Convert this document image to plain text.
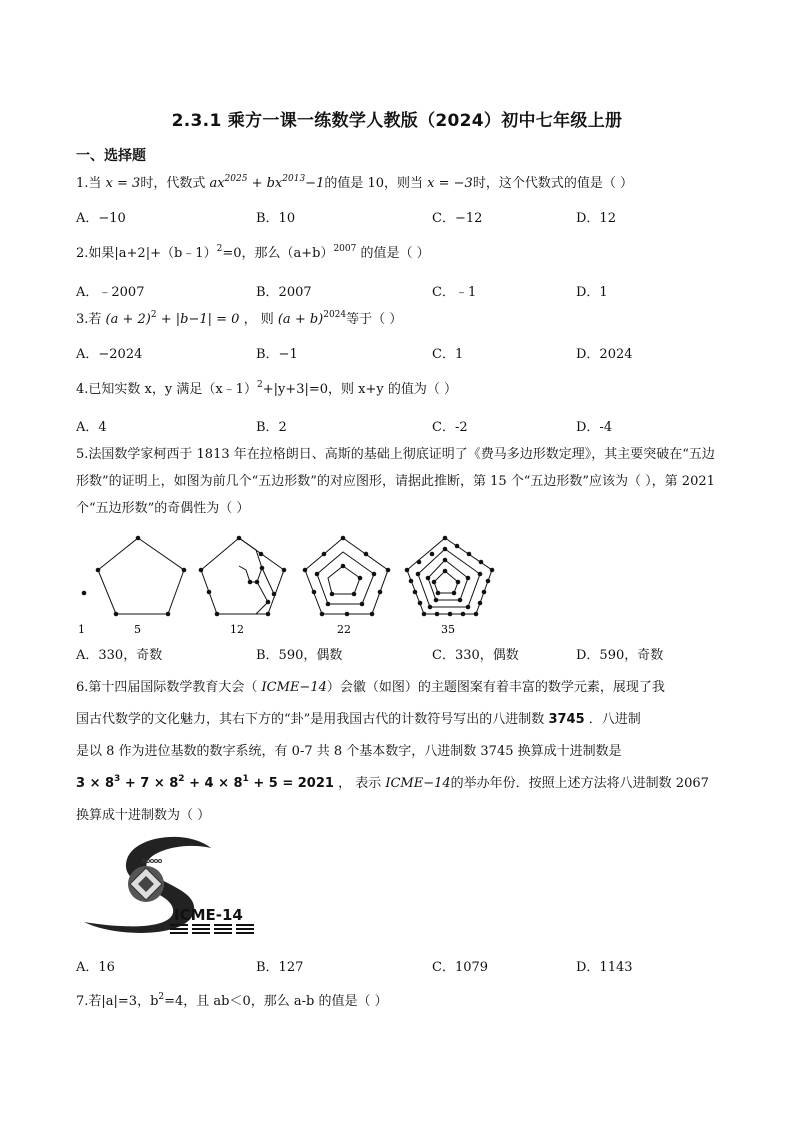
2.3.1 乘方一课一练数学人教版（2024）初中七年级上册
一、选择题
1.当 x = 3时，代数式 $ax^{2025} + bx^{2013}-1$的值是 10，则当 x = −3时，这个代数式的值是（ ）
A．−10	B．10	C．−12	D．12
2.如果|a+2|+（b﹣1）$^2$=0，那么$(a+b)^{2007}$ 的值是（ ）
A．﹣2007	B．2007	C．﹣1	D．1
3.若 $(a + 2)^2 + |b-1| = 0$ ， 则 $(a + b)^{2024}$等于（ ）
A．−2024	B．−1	C．1	D．2024
4.已知实数 x，y 满足（x﹣1）$^2$+|y+3|=0，则 x+y 的值为（ ）
A．4	B．2	C．-2	D．-4
5.法国数学家柯西于 1813 年在拉格朗日、高斯的基础上彻底证明了《费马多边形数定理》，其主要突破在“五边形数”的证明上，如图为前几个“五边形数”的对应图形，请据此推断，第 15 个“五边形数”应该为（ ），第 2021 个“五边形数”的奇偶性为（ ）
1	5	12	22	35
A．330，奇数	B．590，偶数	C．330，偶数	D．590，奇数
6.第十四届国际数学教育大会（ ICME−14）会徽（如图）的主题图案有着丰富的数学元素，展现了我
国古代数学的文化魅力，其右下方的“卦”是用我国古代的计数符号写出的八进制数 3745 ．八进制
是以 8 作为进位基数的数字系统，有 0-7 共 8 个基本数字，八进制数 3745 换算成十进制数是
$3 \times 8^3 + 7 \times 8^2 + 4 \times 8^1 + 5 = 2021$ ， 表示 ICME−14的举办年份．按照上述方法将八进制数 2067
换算成十进制数为（ ）
ICME-14
A．16	B．127	C．1079	D．1143
7.若|a|=3，$b^2=4$，且 ab＜0，那么 a-b 的值是（ ）
